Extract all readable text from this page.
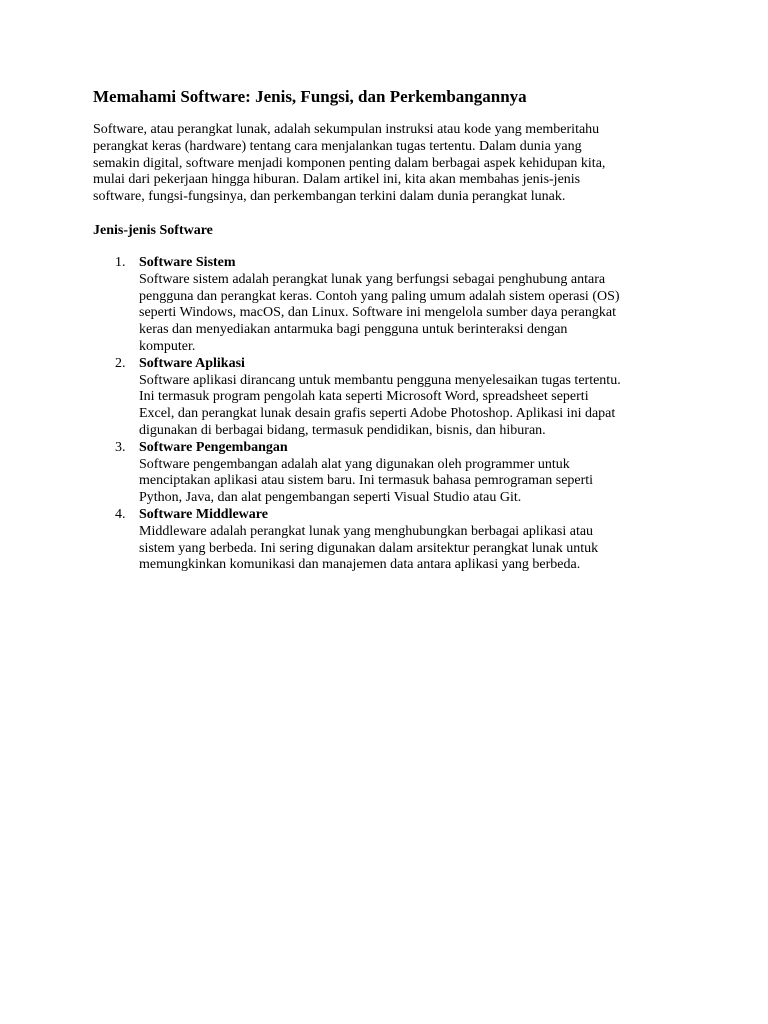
Memahami Software: Jenis, Fungsi, dan Perkembangannya

Software, atau perangkat lunak, adalah sekumpulan instruksi atau kode yang memberitahu
perangkat keras (hardware) tentang cara menjalankan tugas tertentu. Dalam dunia yang
semakin digital, software menjadi komponen penting dalam berbagai aspek kehidupan kita,
mulai dari pekerjaan hingga hiburan. Dalam artikel ini, kita akan membahas jenis-jenis
software, fungsi-fungsinya, dan perkembangan terkini dalam dunia perangkat lunak.

Jenis-jenis Software

1. Software Sistem
Software sistem adalah perangkat lunak yang berfungsi sebagai penghubung antara
pengguna dan perangkat keras. Contoh yang paling umum adalah sistem operasi (OS)
seperti Windows, macOS, dan Linux. Software ini mengelola sumber daya perangkat
keras dan menyediakan antarmuka bagi pengguna untuk berinteraksi dengan
komputer.
2. Software Aplikasi
Software aplikasi dirancang untuk membantu pengguna menyelesaikan tugas tertentu.
Ini termasuk program pengolah kata seperti Microsoft Word, spreadsheet seperti
Excel, dan perangkat lunak desain grafis seperti Adobe Photoshop. Aplikasi ini dapat
digunakan di berbagai bidang, termasuk pendidikan, bisnis, dan hiburan.
3. Software Pengembangan
Software pengembangan adalah alat yang digunakan oleh programmer untuk
menciptakan aplikasi atau sistem baru. Ini termasuk bahasa pemrograman seperti
Python, Java, dan alat pengembangan seperti Visual Studio atau Git.
4. Software Middleware
Middleware adalah perangkat lunak yang menghubungkan berbagai aplikasi atau
sistem yang berbeda. Ini sering digunakan dalam arsitektur perangkat lunak untuk
memungkinkan komunikasi dan manajemen data antara aplikasi yang berbeda.
